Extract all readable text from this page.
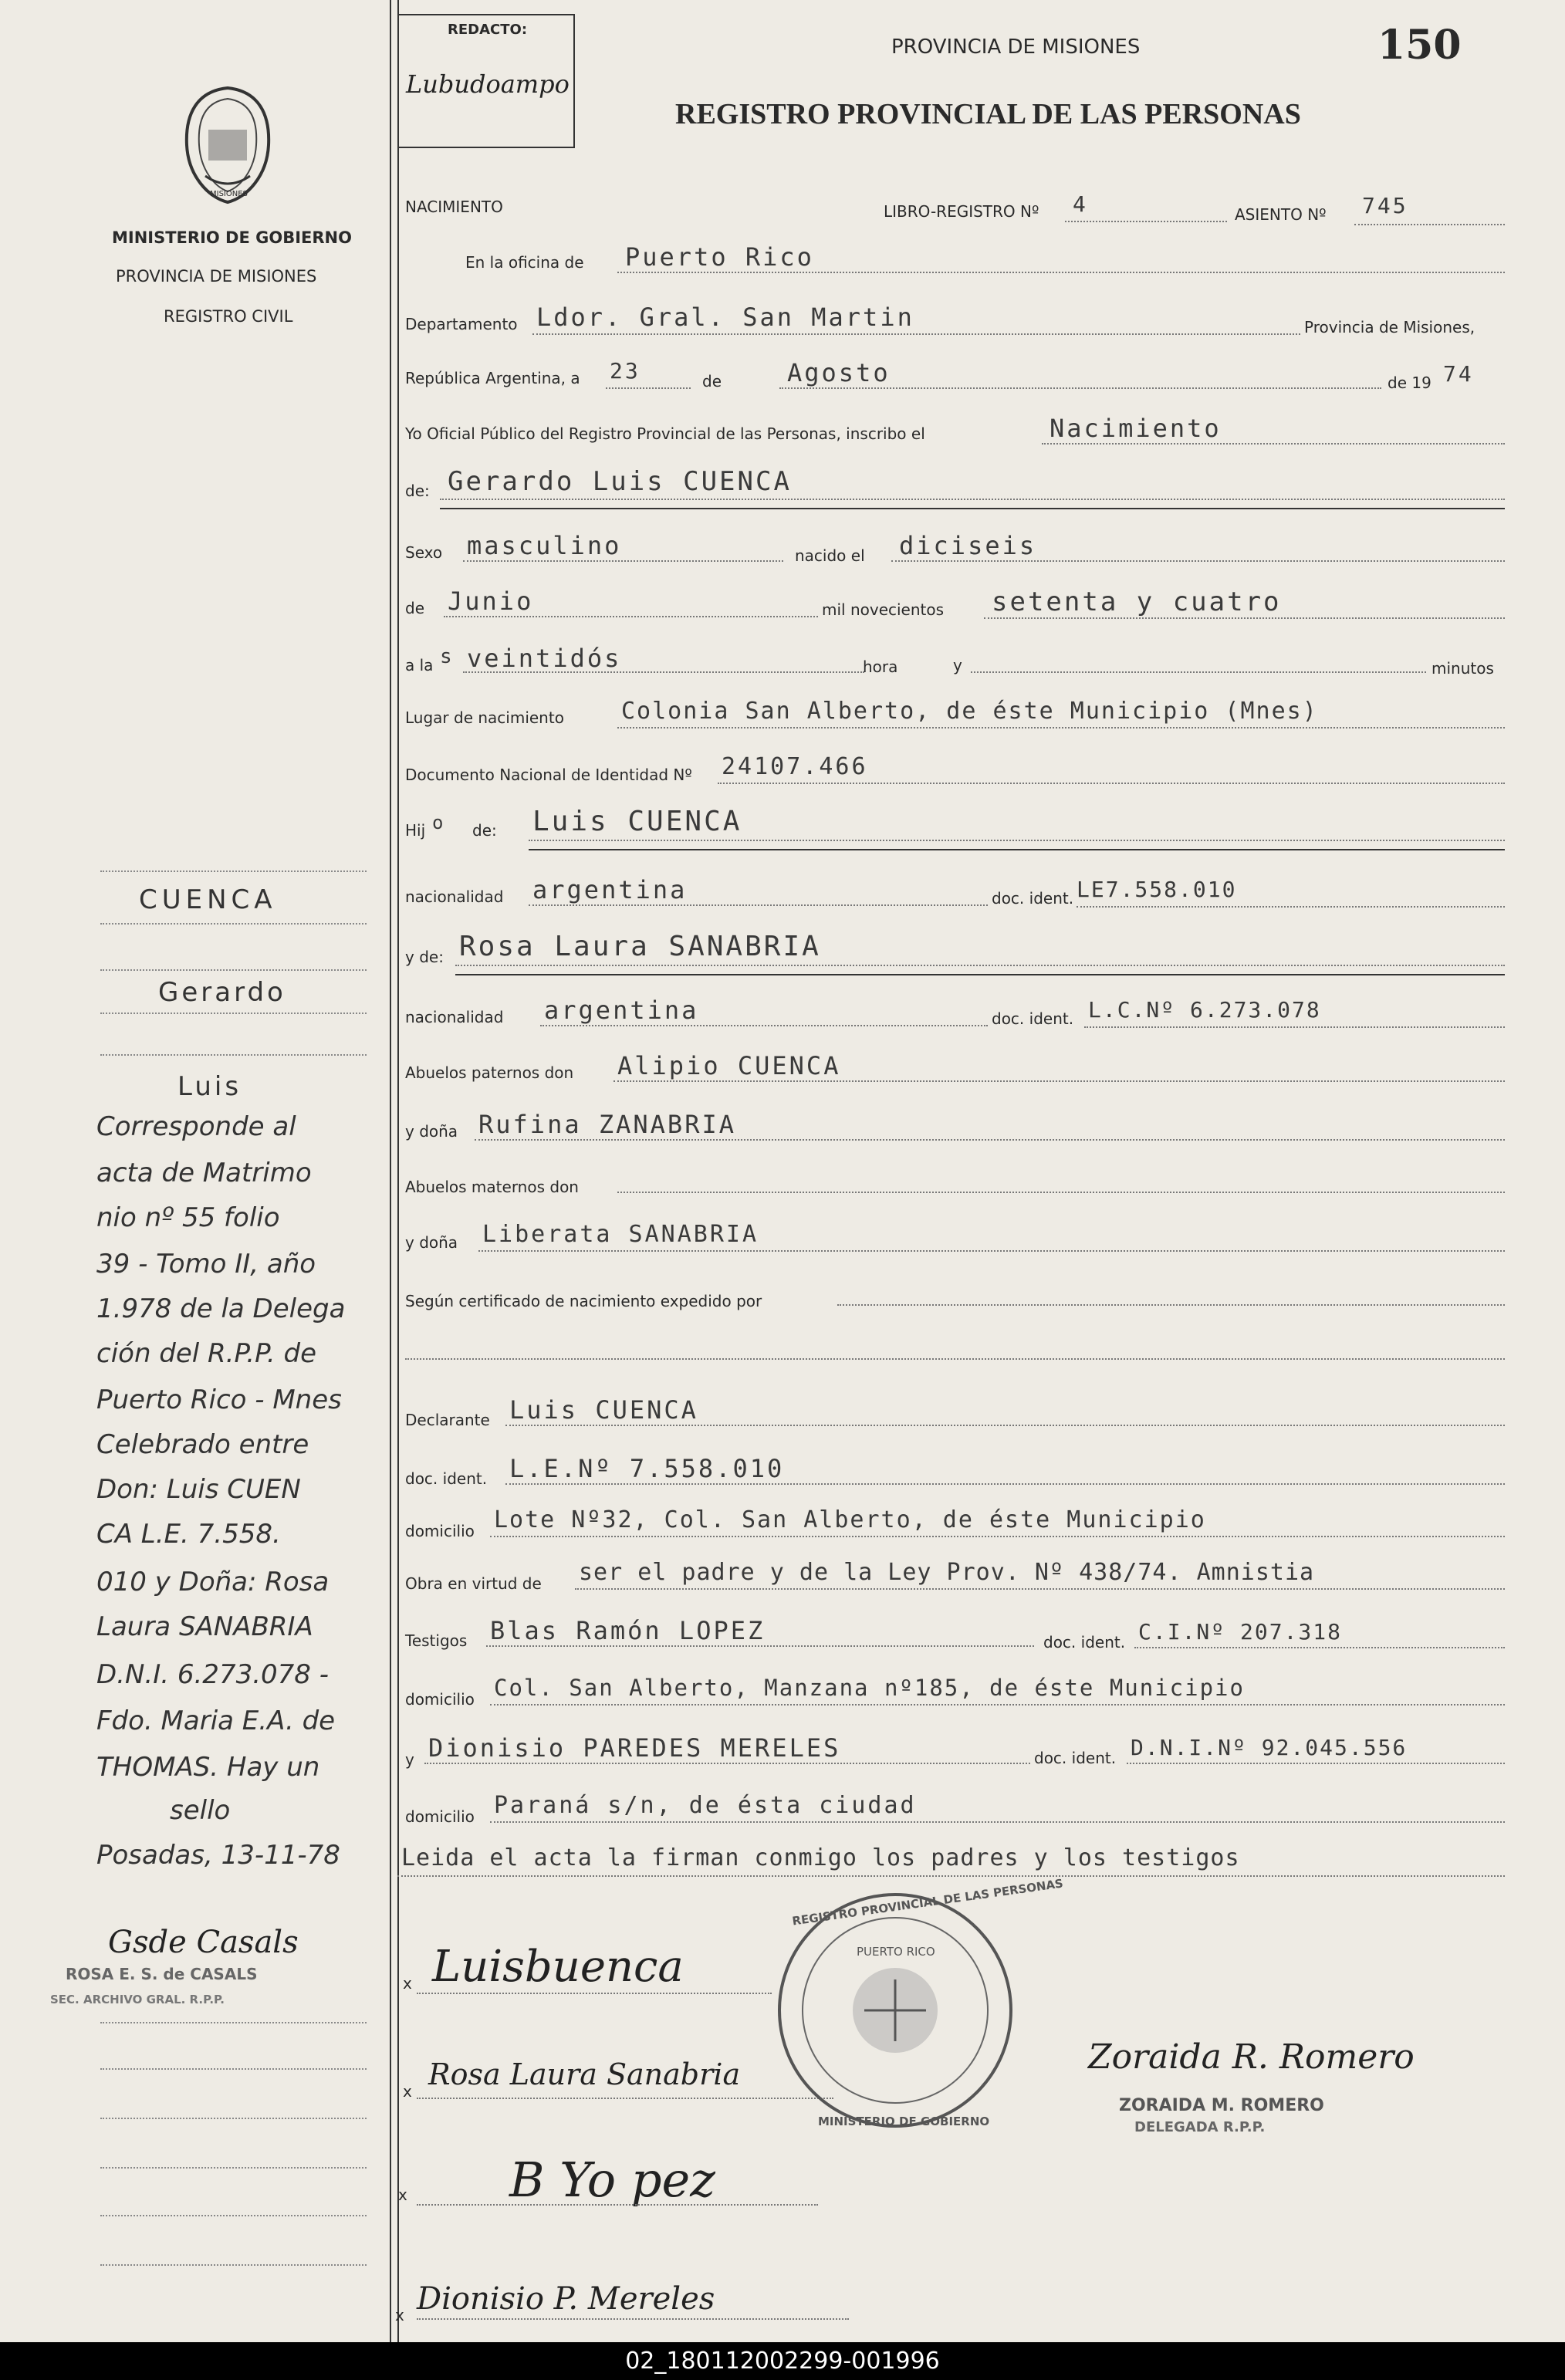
MISIONES
MINISTERIO DE GOBIERNO
PROVINCIA DE MISIONES
REGISTRO CIVIL
REDACTO:
Lubudoampo
PROVINCIA DE MISIONES	150
REGISTRO PROVINCIAL DE LAS PERSONAS
NACIMIENTO	LIBRO-REGISTRO Nº 4	ASIENTO Nº 745
En la oficina de Puerto Rico
Departamento Ldor. Gral. San Martin	Provincia de Misiones,
República Argentina, a 23	de	Agosto	de 19 74
Yo Oficial Público del Registro Provincial de las Personas, inscribo el	Nacimiento
de: Gerardo Luis CUENCA
Sexo masculino	nacido el diciseis
de Junio	mil novecientos setenta y cuatro
a la s veintidós	hora	y	minutos
Lugar de nacimiento Colonia San Alberto, de éste Municipio (Mnes)
Documento Nacional de Identidad Nº 24107.466
Hij o de: Luis CUENCA
nacionalidad argentina	doc. ident. LE7.558.010
y de: Rosa Laura SANABRIA
nacionalidad argentina	doc. ident. L.C.Nº 6.273.078
Abuelos paternos don Alipio CUENCA
y doña Rufina ZANABRIA
Abuelos maternos don
y doña Liberata SANABRIA
Según certificado de nacimiento expedido por
Declarante Luis CUENCA
doc. ident. L.E.Nº 7.558.010
domicilio Lote Nº32, Col. San Alberto, de éste Municipio
Obra en virtud de ser el padre y de la Ley Prov. Nº 438/74. Amnistia
Testigos Blas Ramón LOPEZ	doc. ident. C.I.Nº 207.318
domicilio Col. San Alberto, Manzana nº185, de éste Municipio
y Dionisio PAREDES MERELES	doc. ident. D.N.I.Nº 92.045.556
domicilio Paraná s/n, de ésta ciudad
Leida el acta la firman conmigo los padres y los testigos
x Luisbuenca
x Rosa Laura Sanabria
x B Yo pez
x Dionisio P. Mereles
REGISTRO PROVINCIAL DE LAS PERSONAS
PUERTO RICO
MINISTERIO DE GOBIERNO
Zoraida R. Romero
ZORAIDA M. ROMERO
DELEGADA R.P.P.
CUENCA
Gerardo
Luis
Corresponde al
acta de Matrimo
nio nº 55 folio
39 - Tomo II, año
1.978 de la Delega
ción del R.P.P. de
Puerto Rico - Mnes
Celebrado entre
Don: Luis CUEN
CA L.E. 7.558.
010 y Doña: Rosa
Laura SANABRIA
D.N.I. 6.273.078 -
Fdo. Maria E.A. de
THOMAS. Hay un
sello
Posadas, 13-11-78
Gsde Casals
ROSA E. S. de CASALS
SEC. ARCHIVO GRAL. R.P.P.
02_180112002299-001996
